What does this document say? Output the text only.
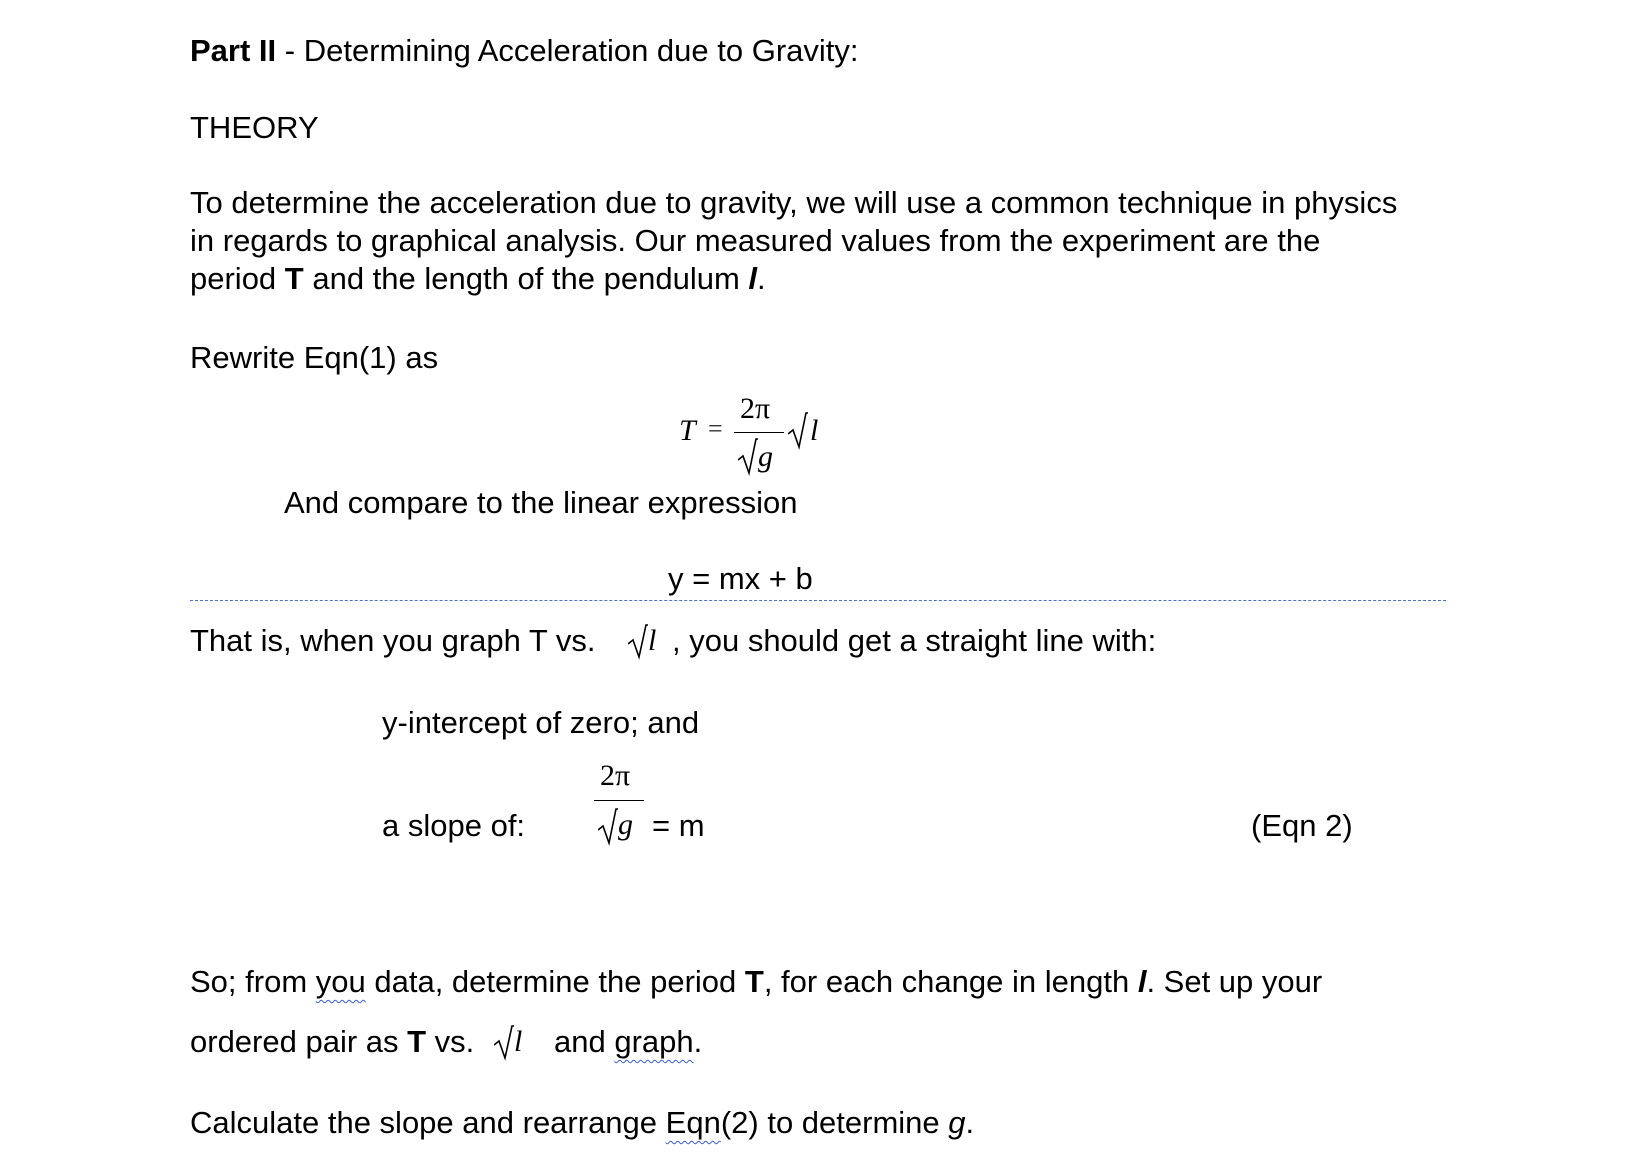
Part II - Determining Acceleration due to Gravity:
THEORY
To determine the acceleration due to gravity, we will use a common technique in physics
in regards to graphical analysis. Our measured values from the experiment are the
period T and the length of the pendulum l.
Rewrite Eqn(1) as
T =
2π
g
l
And compare to the linear expression
y = mx + b
That is, when you graph T vs. l , you should get a straight line with:
y-intercept of zero; and
a slope of:
2π
g = m	(Eqn 2)
So; from you data, determine the period T, for each change in length l. Set up your
ordered pair as T vs. l and graph.
Calculate the slope and rearrange Eqn(2) to determine g.
